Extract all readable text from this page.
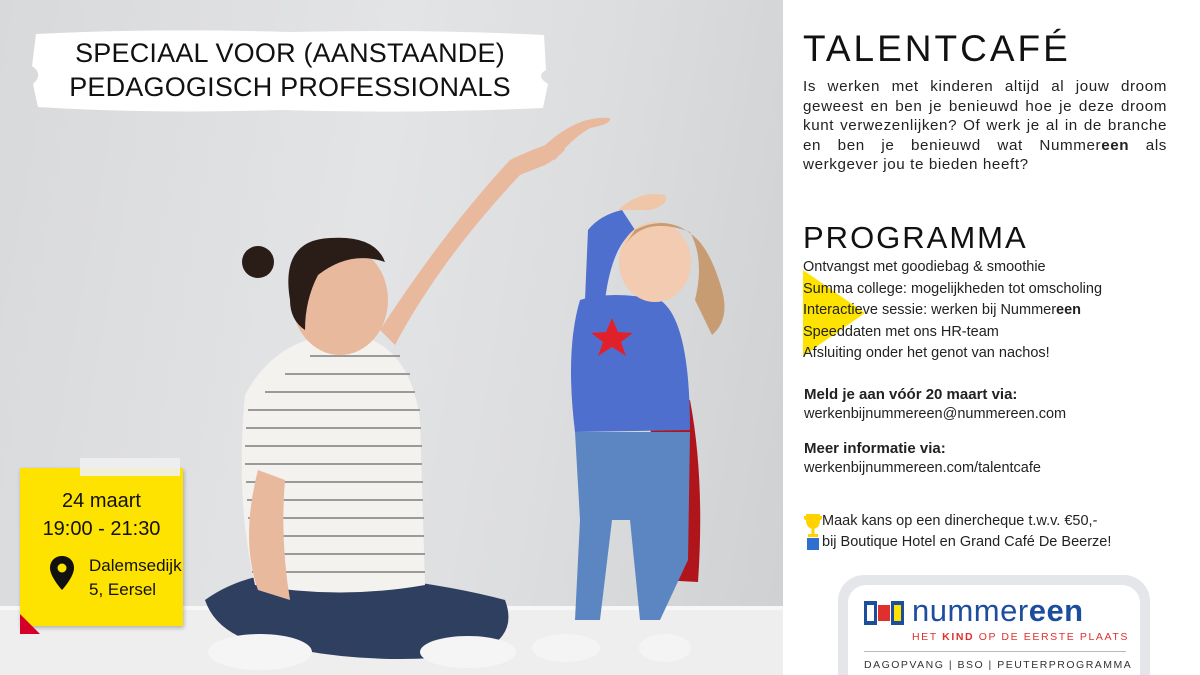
SPECIAAL VOOR (AANSTAANDE)
PEDAGOGISCH PROFESSIONALS
24 maart
19:00 - 21:30
Dalemsedijk
5, Eersel
TALENTCAFÉ

Is werken met kinderen altijd al jouw droom geweest en ben je benieuwd hoe je deze droom kunt verwezenlijken? Of werk je al in de branche en ben je benieuwd wat Nummereen als werkgever jou te bieden heeft?

PROGRAMMA
Ontvangst met goodiebag & smoothie
Summa college: mogelijkheden tot omscholing
Interactieve sessie: werken bij Nummereen
Speeddaten met ons HR-team
Afsluiting onder het genot van nachos!
Meld je aan vóór 20 maart via:
werkenbijnummereen@nummereen.com
Meer informatie via:
werkenbijnummereen.com/talentcafe
Maak kans op een dinercheque t.w.v. €50,-
bij Boutique Hotel en Grand Café De Beerze!
nummereen
HET KIND OP DE EERSTE PLAATS
DAGOPVANG | BSO | PEUTERPROGRAMMA
